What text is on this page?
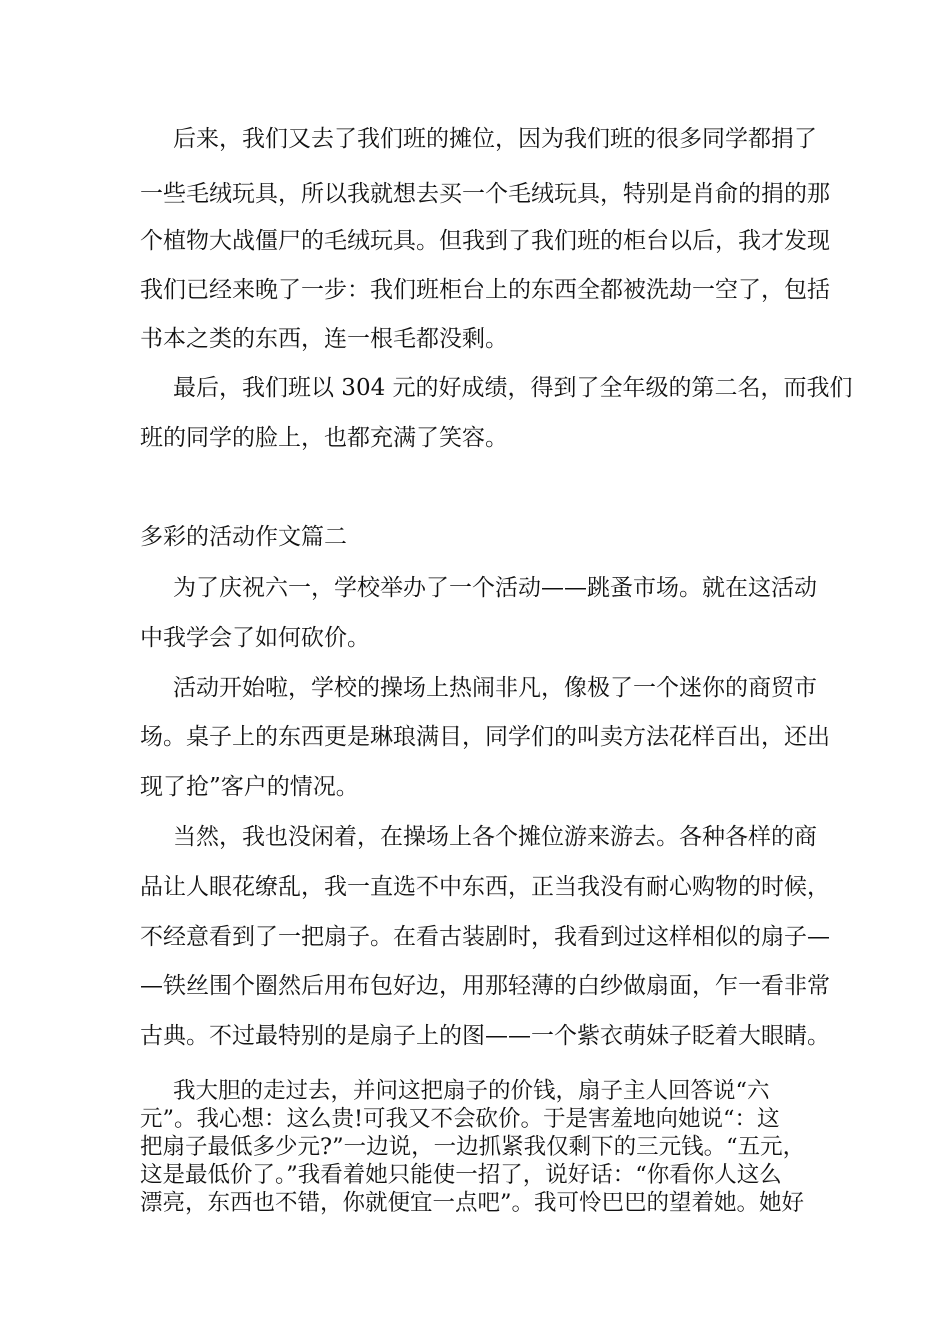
后来，我们又去了我们班的摊位，因为我们班的很多同学都捐了
一些毛绒玩具，所以我就想去买一个毛绒玩具，特别是肖俞的捐的那
个植物大战僵尸的毛绒玩具。但我到了我们班的柜台以后，我才发现
我们已经来晚了一步：我们班柜台上的东西全都被洗劫一空了，包括
书本之类的东西，连一根毛都没剩。
最后，我们班以 304 元的好成绩，得到了全年级的第二名，而我们
班的同学的脸上，也都充满了笑容。
多彩的活动作文篇二
为了庆祝六一，学校举办了一个活动——跳蚤市场。就在这活动
中我学会了如何砍价。
活动开始啦，学校的操场上热闹非凡，像极了一个迷你的商贸市
场。桌子上的东西更是琳琅满目，同学们的叫卖方法花样百出，还出
现了抢”客户的情况。
当然，我也没闲着，在操场上各个摊位游来游去。各种各样的商
品让人眼花缭乱，我一直选不中东西，正当我没有耐心购物的时候，
不经意看到了一把扇子。在看古装剧时，我看到过这样相似的扇子—
—铁丝围个圈然后用布包好边，用那轻薄的白纱做扇面，乍一看非常
古典。不过最特别的是扇子上的图——一个紫衣萌妹子眨着大眼睛。
我大胆的走过去，并问这把扇子的价钱，扇子主人回答说“六
元”。我心想：这么贵!可我又不会砍价。于是害羞地向她说“：这
把扇子最低多少元?”一边说，一边抓紧我仅剩下的三元钱。“五元，
这是最低价了。”我看着她只能使一招了，说好话：“你看你人这么
漂亮，东西也不错，你就便宜一点吧”。我可怜巴巴的望着她。她好
